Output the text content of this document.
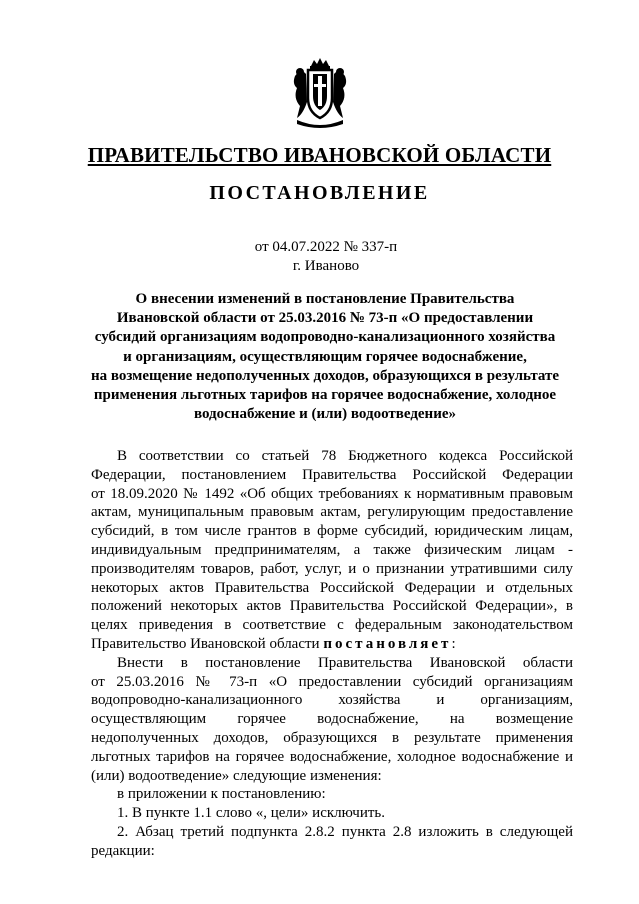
ПРАВИТЕЛЬСТВО ИВАНОВСКОЙ ОБЛАСТИ
ПОСТАНОВЛЕНИЕ
от 04.07.2022 № 337-п
г. Иваново
О внесении изменений в постановление Правительства
Ивановской области от 25.03.2016 № 73-п «О предоставлении
субсидий организациям водопроводно-канализационного хозяйства
и организациям, осуществляющим горячее водоснабжение,
на возмещение недополученных доходов, образующихся в результате
применения льготных тарифов на горячее водоснабжение, холодное
водоснабжение и (или) водоотведение»
В соответствии со статьей 78 Бюджетного кодекса Российской
Федерации, постановлением Правительства Российской Федерации
от 18.09.2020 № 1492 «Об общих требованиях к нормативным правовым
актам, муниципальным правовым актам, регулирующим предоставление
субсидий, в том числе грантов в форме субсидий, юридическим лицам,
индивидуальным предпринимателям, а также физическим лицам -
производителям товаров, работ, услуг, и о признании утратившими силу
некоторых актов Правительства Российской Федерации и отдельных
положений некоторых актов Правительства Российской Федерации», в
целях приведения в соответствие с федеральным законодательством
Правительство Ивановской области постановляет:
Внести в постановление Правительства Ивановской области
от 25.03.2016 № 73-п «О предоставлении субсидий организациям
водопроводно-канализационного хозяйства и организациям,
осуществляющим горячее водоснабжение, на возмещение
недополученных доходов, образующихся в результате применения
льготных тарифов на горячее водоснабжение, холодное водоснабжение и
(или) водоотведение» следующие изменения:
в приложении к постановлению:
1. В пункте 1.1 слово «, цели» исключить.
2. Абзац третий подпункта 2.8.2 пункта 2.8 изложить в следующей
редакции:
